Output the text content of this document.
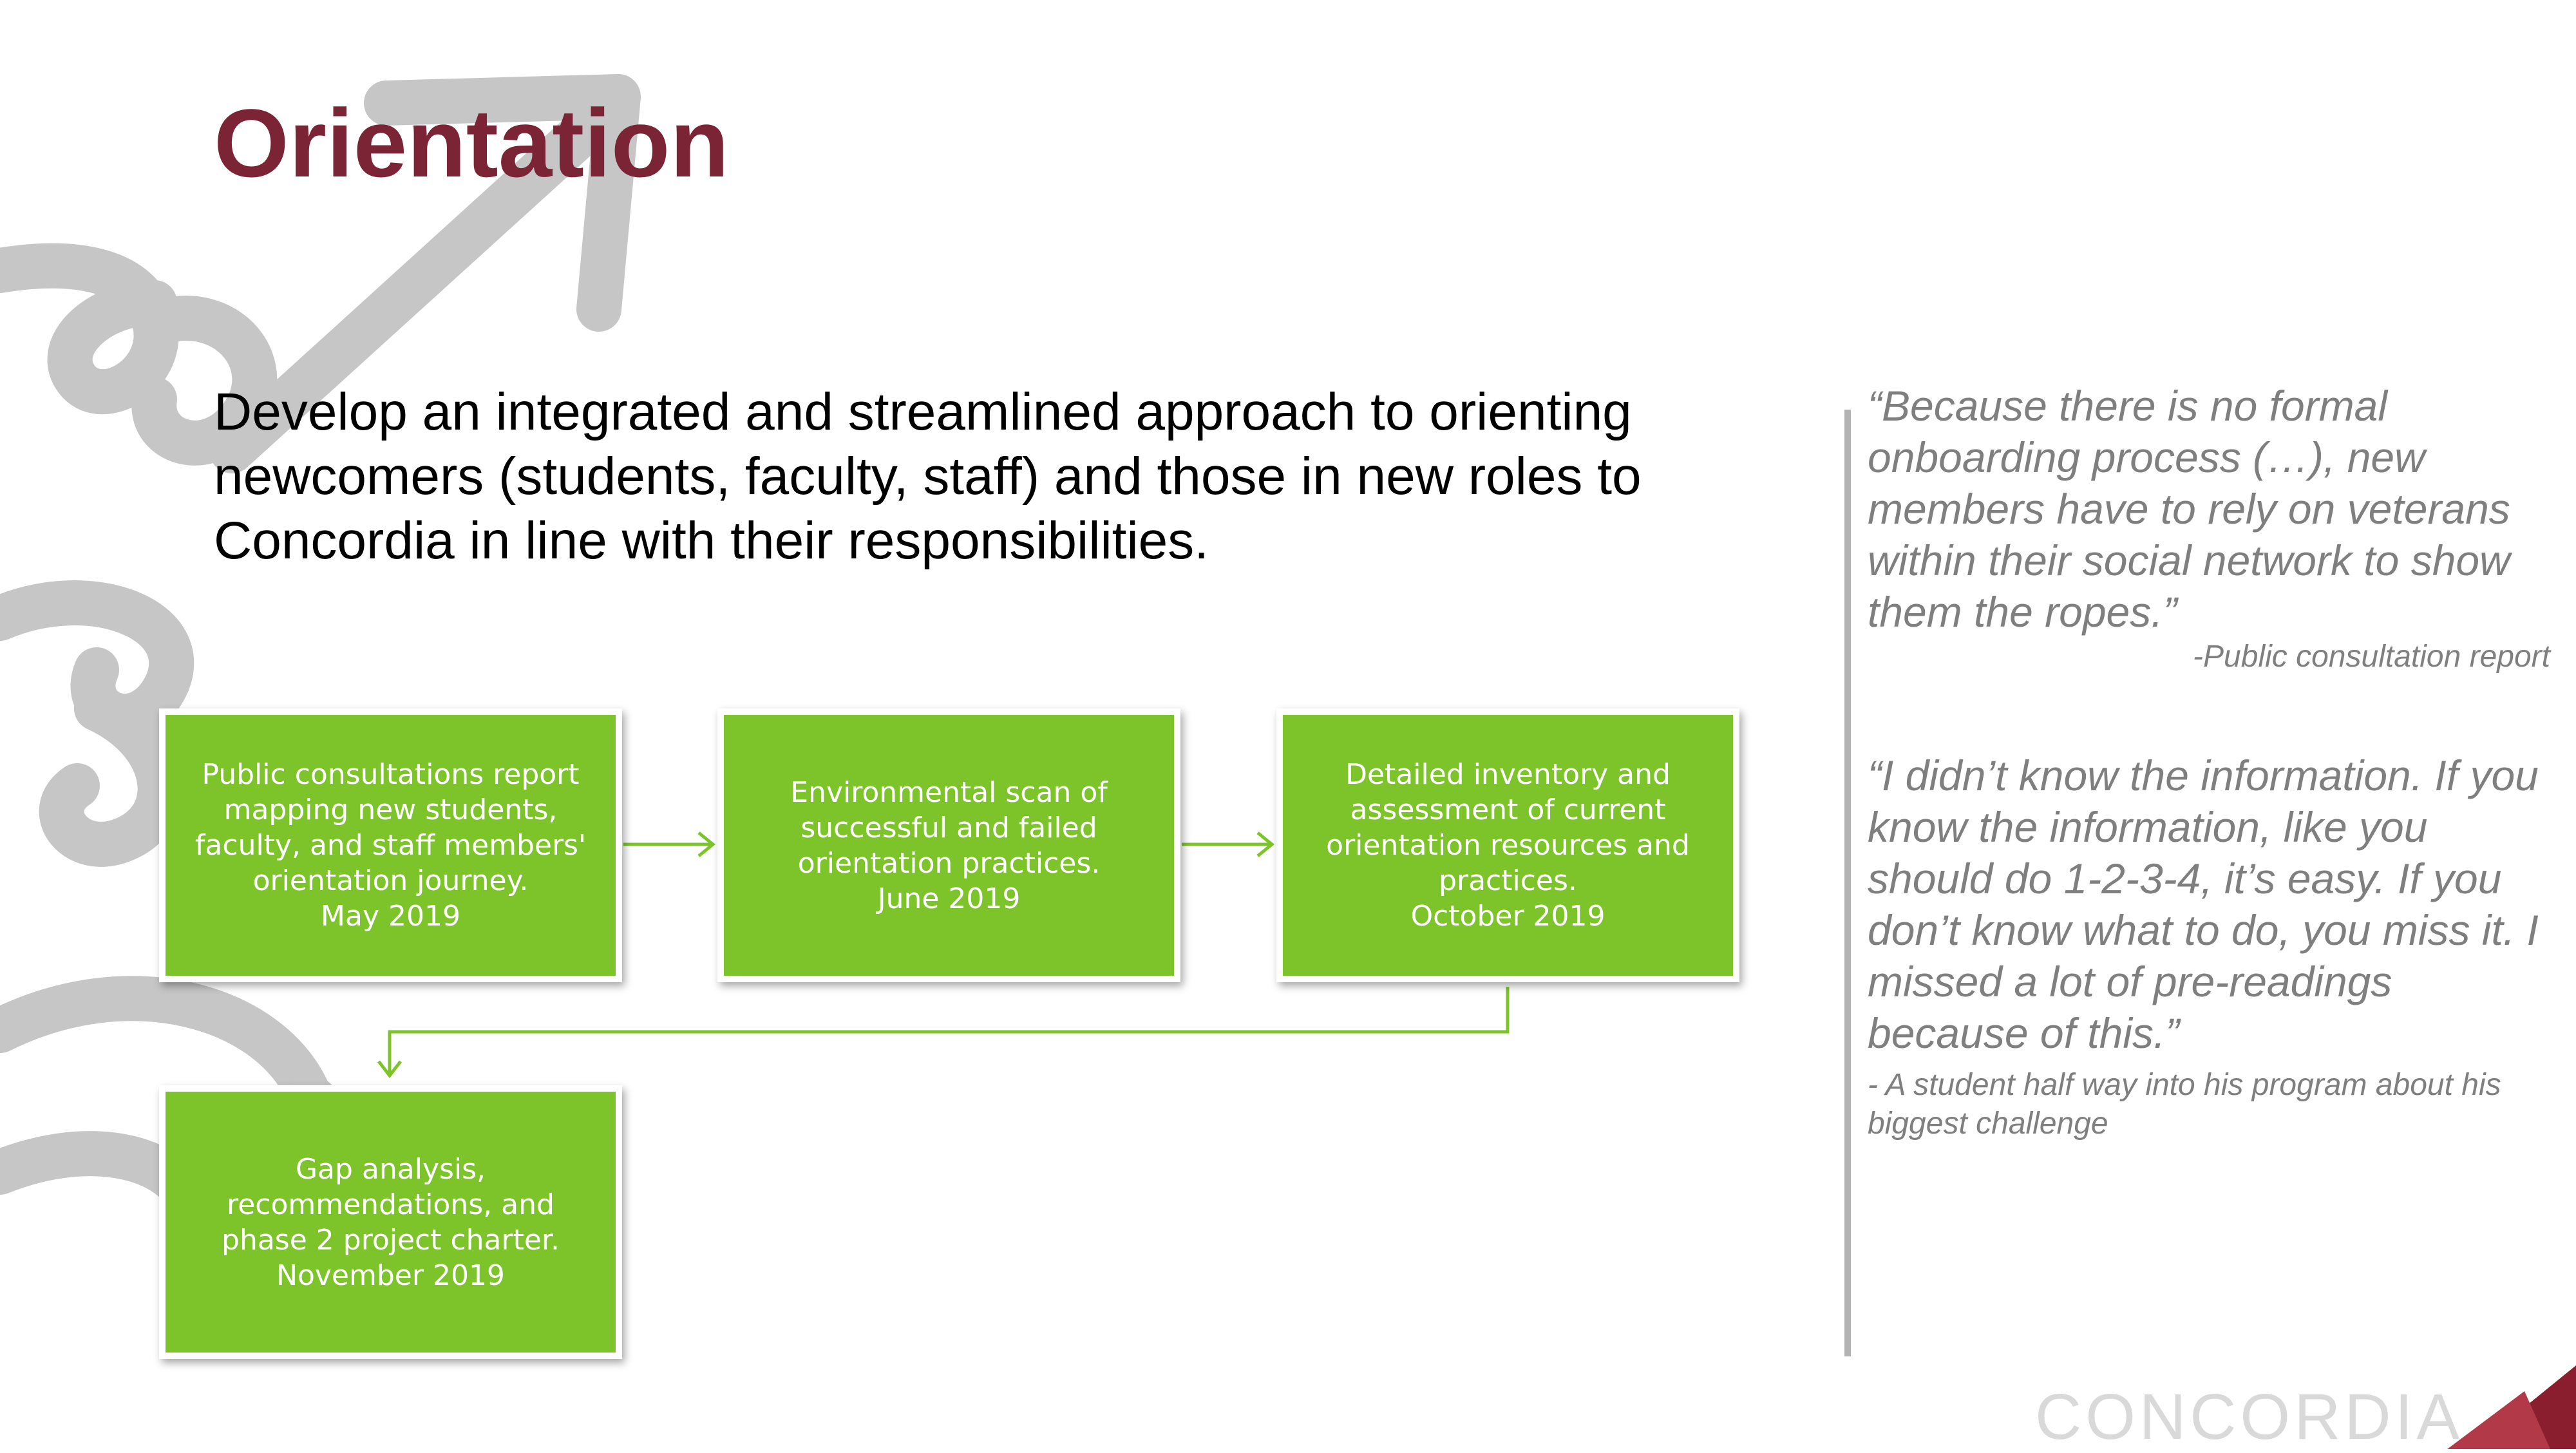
Orientation

Develop an integrated and streamlined approach to orienting newcomers (students, faculty, staff) and those in new roles to Concordia in line with their responsibilities.

Public consultations report mapping new students, faculty, and staff members' orientation journey.
May 2019
Environmental scan of successful and failed orientation practices.
June 2019
Detailed inventory and assessment of current orientation resources and practices.
October 2019
Gap analysis, recommendations, and phase 2 project charter.
November 2019

“Because there is no formal onboarding process (…), new members have to rely on veterans within their social network to show them the ropes.”

-Public consultation report

“I didn’t know the information. If you know the information, like you should do 1-2-3-4, it’s easy. If you don’t know what to do, you miss it. I missed a lot of pre-readings because of this.”

- A student half way into his program about his biggest challenge
CONCORDIA
